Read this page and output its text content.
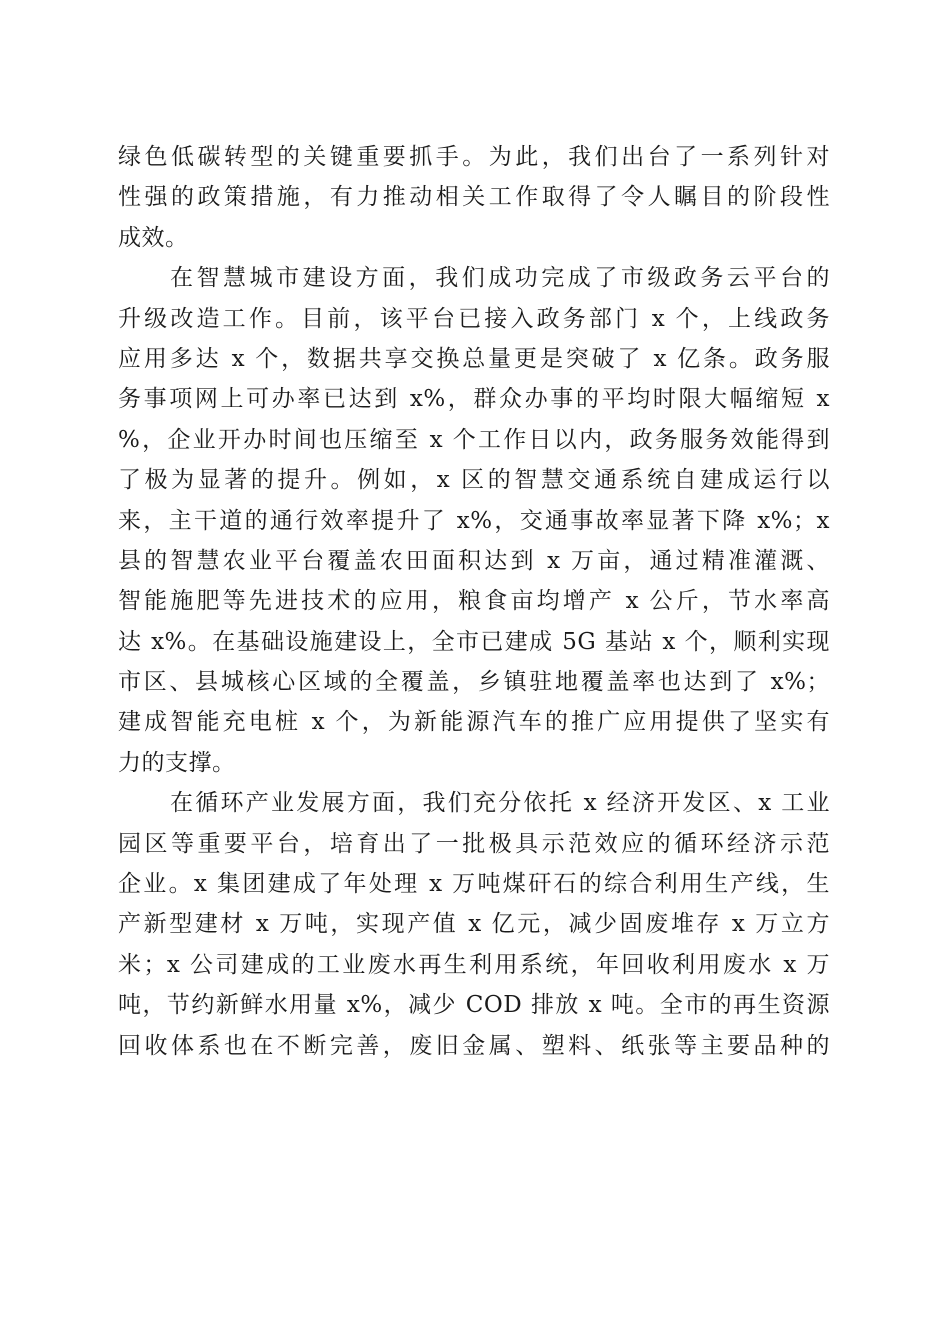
绿色低碳转型的关键重要抓手。为此，我们出台了一系列针对
性强的政策措施，有力推动相关工作取得了令人瞩目的阶段性
成效。
在智慧城市建设方面，我们成功完成了市级政务云平台的
升级改造工作。目前，该平台已接入政务部门 x 个，上线政务
应用多达 x 个，数据共享交换总量更是突破了 x 亿条。政务服
务事项网上可办率已达到 x%，群众办事的平均时限大幅缩短 x
%，企业开办时间也压缩至 x 个工作日以内，政务服务效能得到
了极为显著的提升。例如，x 区的智慧交通系统自建成运行以
来，主干道的通行效率提升了 x%，交通事故率显著下降 x%；x
县的智慧农业平台覆盖农田面积达到 x 万亩，通过精准灌溉、
智能施肥等先进技术的应用，粮食亩均增产 x 公斤，节水率高
达 x%。在基础设施建设上，全市已建成 5G 基站 x 个，顺利实现
市区、县城核心区域的全覆盖，乡镇驻地覆盖率也达到了 x%；
建成智能充电桩 x 个，为新能源汽车的推广应用提供了坚实有
力的支撑。
在循环产业发展方面，我们充分依托 x 经济开发区、x 工业
园区等重要平台，培育出了一批极具示范效应的循环经济示范
企业。x 集团建成了年处理 x 万吨煤矸石的综合利用生产线，生
产新型建材 x 万吨，实现产值 x 亿元，减少固废堆存 x 万立方
米；x 公司建成的工业废水再生利用系统，年回收利用废水 x 万
吨，节约新鲜水用量 x%，减少 COD 排放 x 吨。全市的再生资源
回收体系也在不断完善，废旧金属、塑料、纸张等主要品种的
